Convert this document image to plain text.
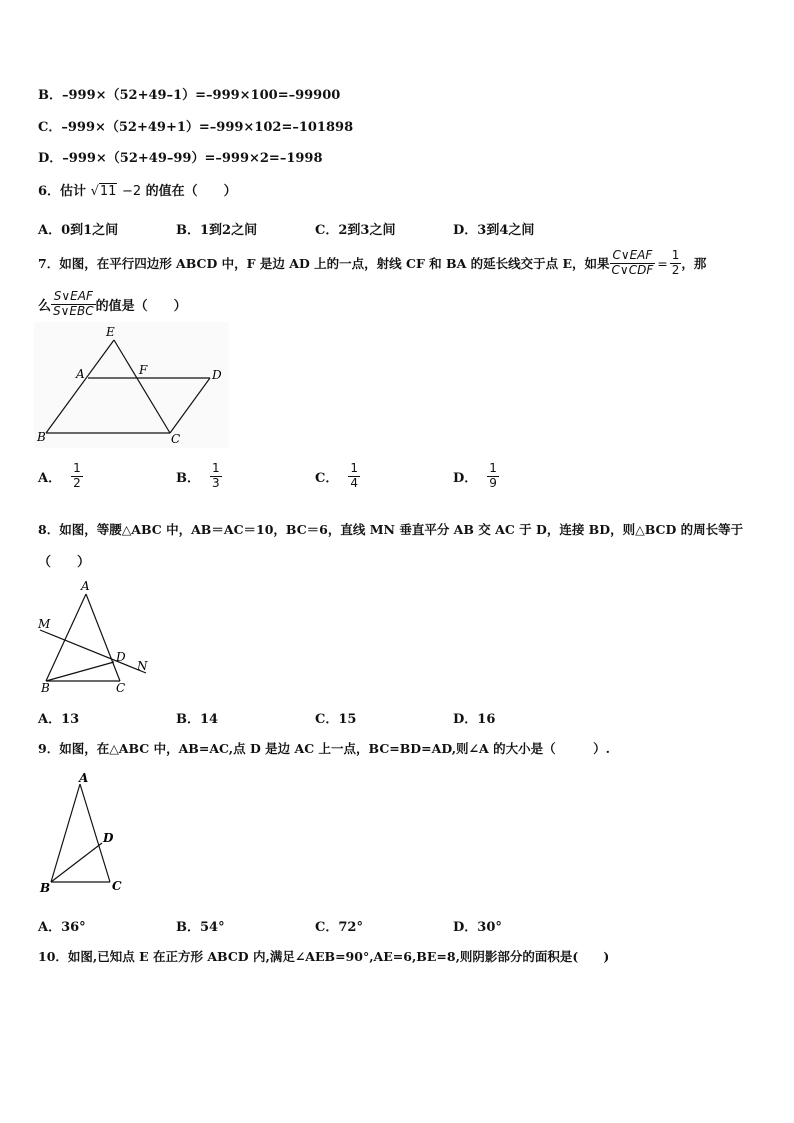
B．–999×（52+49–1）=–999×100=–99900
C．–999×（52+49+1）=–999×102=–101898
D．–999×（52+49–99）=–999×2=–1998
6．估计 √11 −2 的值在（　　）
A．0到1之间	B．1到2之间	C．2到3之间	D．3到4之间
7．如图，在平行四边形 ABCD 中，F 是边 AD 上的一点，射线 CF 和 BA 的延长线交于点 E，如果 $\frac{\text{C∨EAF}}{\text{C∨CDF}} = \frac{1}{2}$ ，那
么 $\frac{\text{S∨EAF}}{\text{S∨EBC}}$ 的值是（　　）
E
A	F	D
B	C
A． $\frac{1}{2}$	B． $\frac{1}{3}$	C． $\frac{1}{4}$	D． $\frac{1}{9}$
8．如图，等腰△ABC 中，AB＝AC＝10，BC＝6，直线 MN 垂直平分 AB 交 AC 于 D，连接 BD，则△BCD 的周长等于
（　　）
A
M
D
N
B	C
A．13	B．14	C．15	D．16
9．如图，在△ABC 中，AB=AC,点 D 是边 AC 上一点，BC=BD=AD,则∠A 的大小是（　　　）.
A
D
B	C
A．36°	B．54°	C．72°	D．30°
10．如图,已知点 E 在正方形 ABCD 内,满足∠AEB=90°,AE=6,BE=8,则阴影部分的面积是(　　)
